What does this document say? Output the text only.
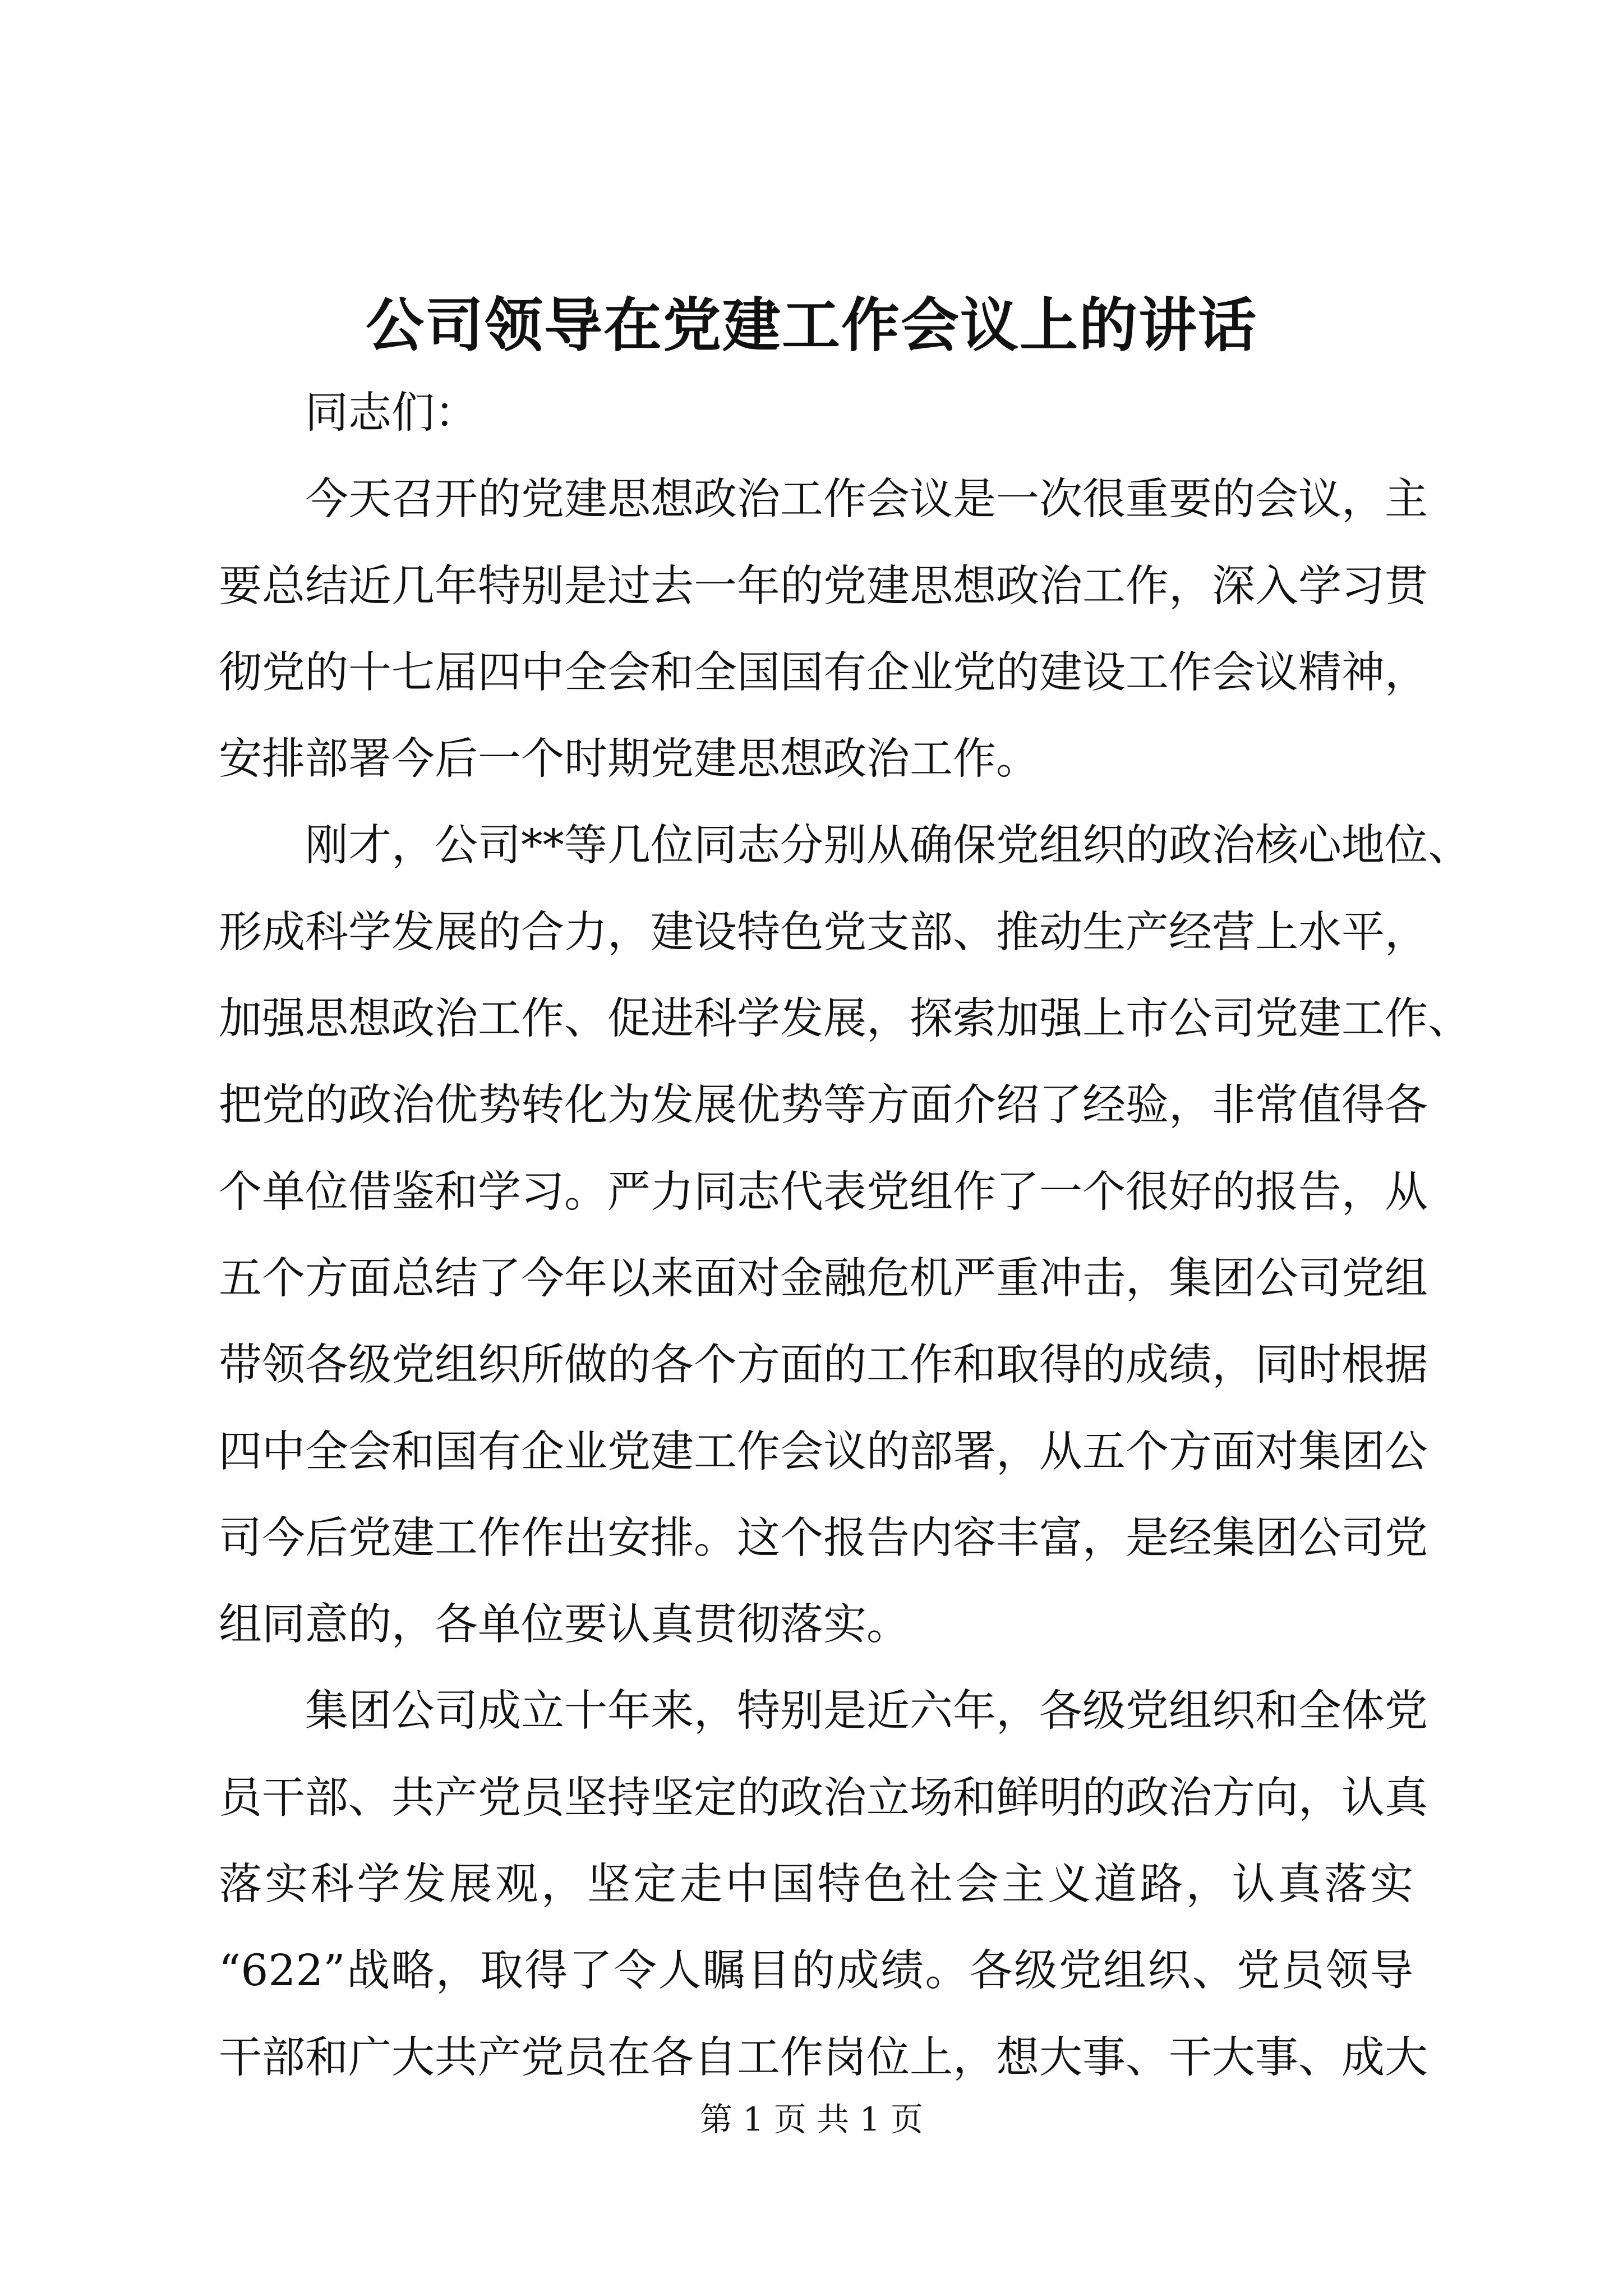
公司领导在党建工作会议上的讲话
同志们：
今天召开的党建思想政治工作会议是一次很重要的会议，主
要总结近几年特别是过去一年的党建思想政治工作，深入学习贯
彻党的十七届四中全会和全国国有企业党的建设工作会议精神，
安排部署今后一个时期党建思想政治工作。
刚才，公司**等几位同志分别从确保党组织的政治核心地位、
形成科学发展的合力，建设特色党支部、推动生产经营上水平，
加强思想政治工作、促进科学发展，探索加强上市公司党建工作、
把党的政治优势转化为发展优势等方面介绍了经验，非常值得各
个单位借鉴和学习。严力同志代表党组作了一个很好的报告，从
五个方面总结了今年以来面对金融危机严重冲击，集团公司党组
带领各级党组织所做的各个方面的工作和取得的成绩，同时根据
四中全会和国有企业党建工作会议的部署，从五个方面对集团公
司今后党建工作作出安排。这个报告内容丰富，是经集团公司党
组同意的，各单位要认真贯彻落实。
集团公司成立十年来，特别是近六年，各级党组织和全体党
员干部、共产党员坚持坚定的政治立场和鲜明的政治方向，认真
落实科学发展观，坚定走中国特色社会主义道路，认真落实
“622”战略，取得了令人瞩目的成绩。各级党组织、党员领导
干部和广大共产党员在各自工作岗位上，想大事、干大事、成大
第 1 页 共 1 页
